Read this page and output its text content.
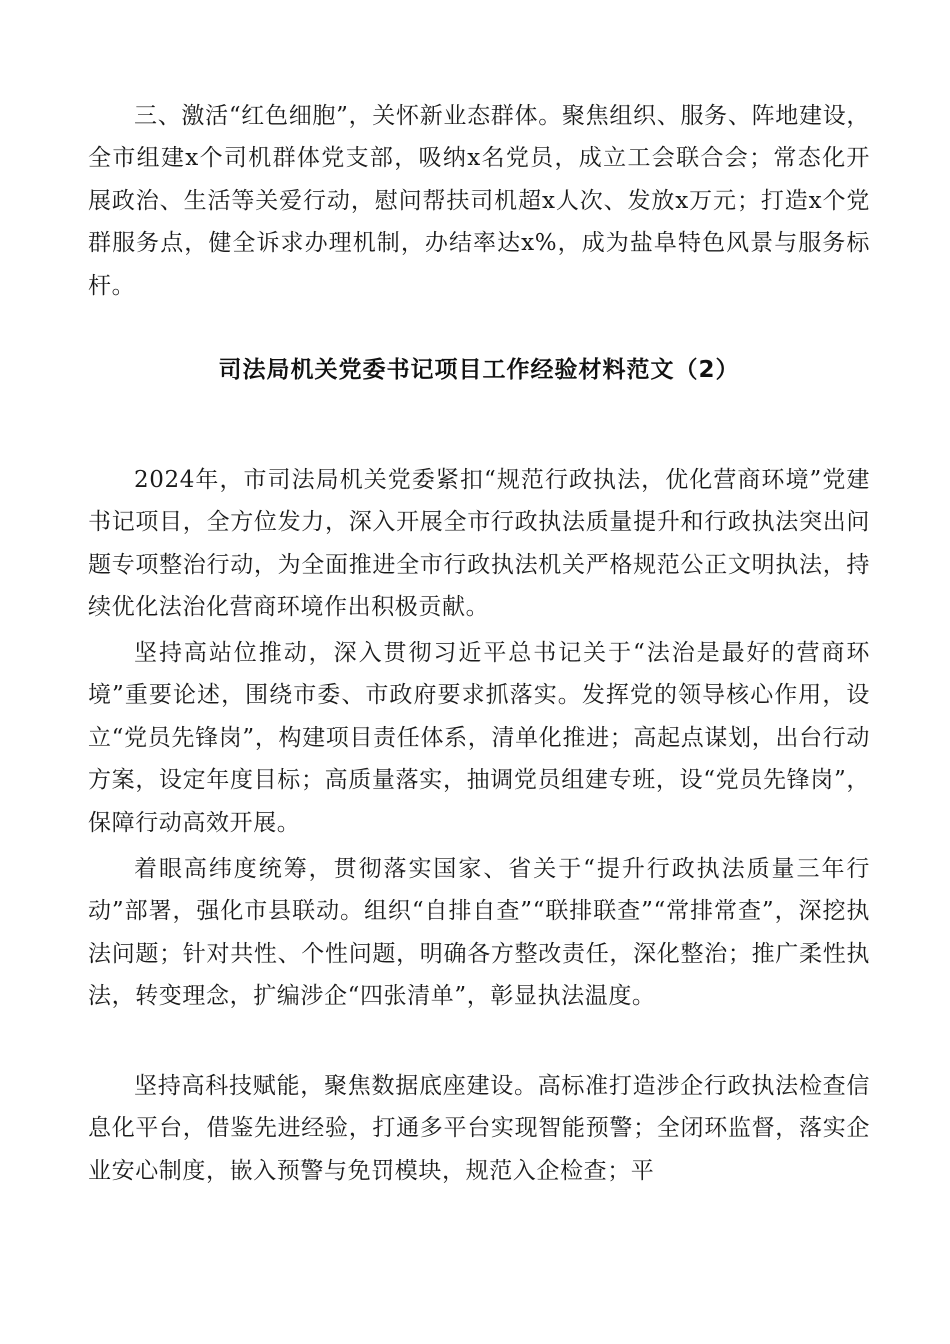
三、激活“红色细胞”，关怀新业态群体。聚焦组织、服务、阵地建设，全市组建x个司机群体党支部，吸纳x名党员，成立工会联合会；常态化开展政治、生活等关爱行动，慰问帮扶司机超x人次、发放x万元；打造x个党群服务点，健全诉求办理机制，办结率达x%，成为盐阜特色风景与服务标杆。

司法局机关党委书记项目工作经验材料范文（2）

2024年，市司法局机关党委紧扣“规范行政执法，优化营商环境”党建书记项目，全方位发力，深入开展全市行政执法质量提升和行政执法突出问题专项整治行动，为全面推进全市行政执法机关严格规范公正文明执法，持续优化法治化营商环境作出积极贡献。

坚持高站位推动，深入贯彻习近平总书记关于“法治是最好的营商环境”重要论述，围绕市委、市政府要求抓落实。发挥党的领导核心作用，设立“党员先锋岗”，构建项目责任体系，清单化推进；高起点谋划，出台行动方案，设定年度目标；高质量落实，抽调党员组建专班，设“党员先锋岗”，保障行动高效开展。

着眼高纬度统筹，贯彻落实国家、省关于“提升行政执法质量三年行动”部署，强化市县联动。组织“自排自查”“联排联查”“常排常查”，深挖执法问题；针对共性、个性问题，明确各方整改责任，深化整治；推广柔性执法，转变理念，扩编涉企“四张清单”，彰显执法温度。

坚持高科技赋能，聚焦数据底座建设。高标准打造涉企行政执法检查信息化平台，借鉴先进经验，打通多平台实现智能预警；全闭环监督，落实企业安心制度，嵌入预警与免罚模块，规范入企检查；平
